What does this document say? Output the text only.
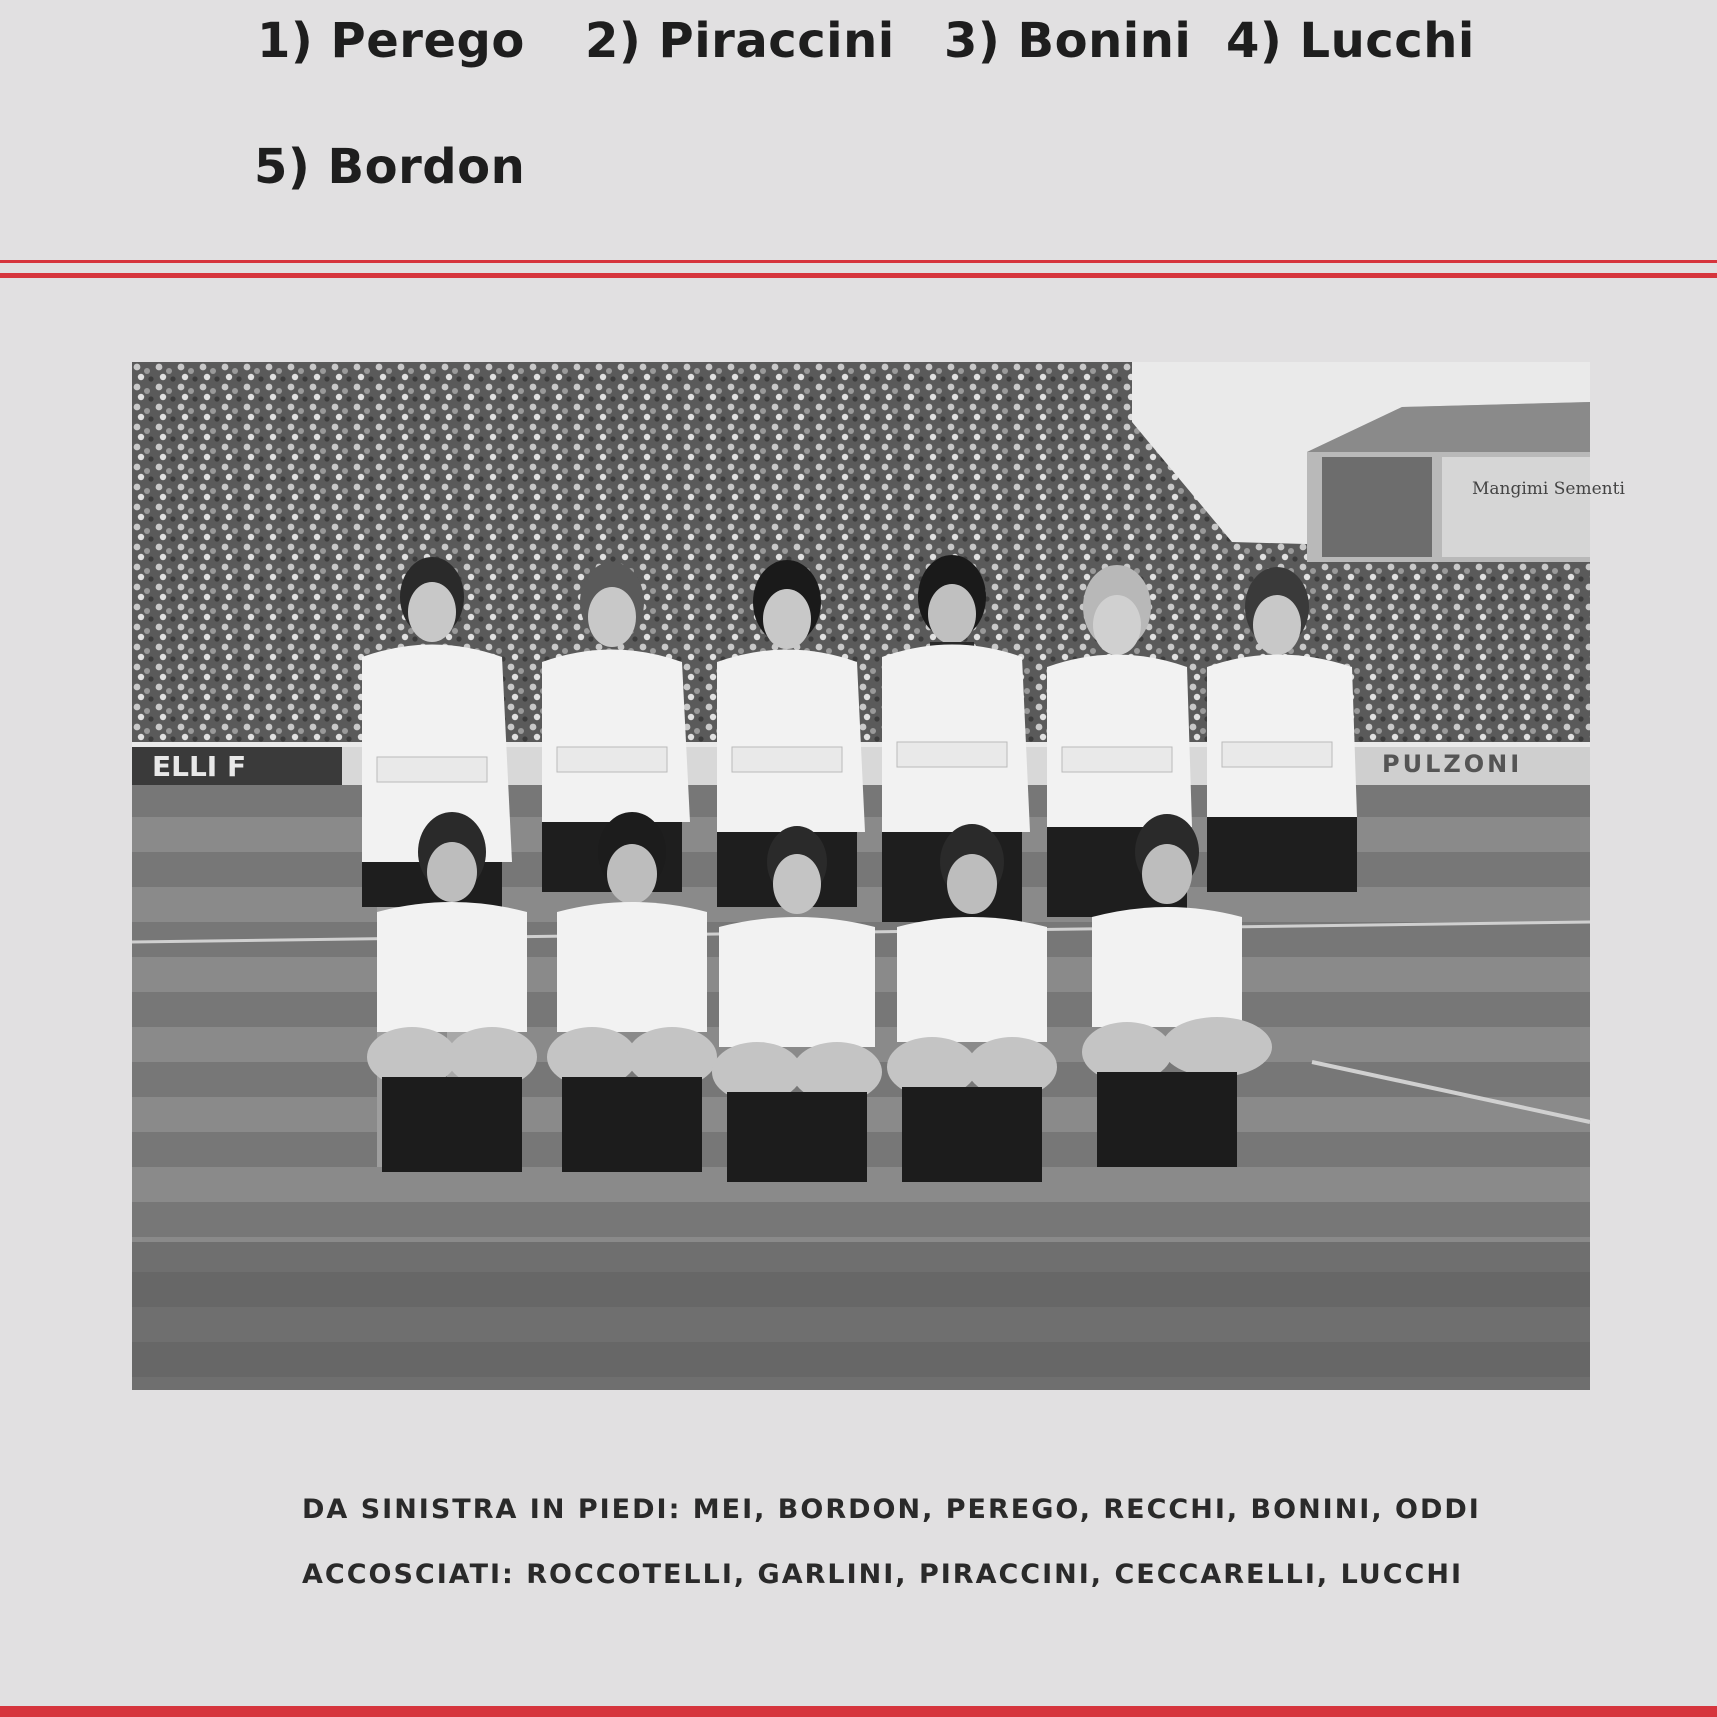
1) Perego 2) Piraccini 3) Bonini 4) Lucchi
5) Bordon
Mangimi Sementi
ELLI F	PULZONI
DA SINISTRA IN PIEDI: MEI, BORDON, PEREGO, RECCHI, BONINI, ODDI
ACCOSCIATI: ROCCOTELLI, GARLINI, PIRACCINI, CECCARELLI, LUCCHI
